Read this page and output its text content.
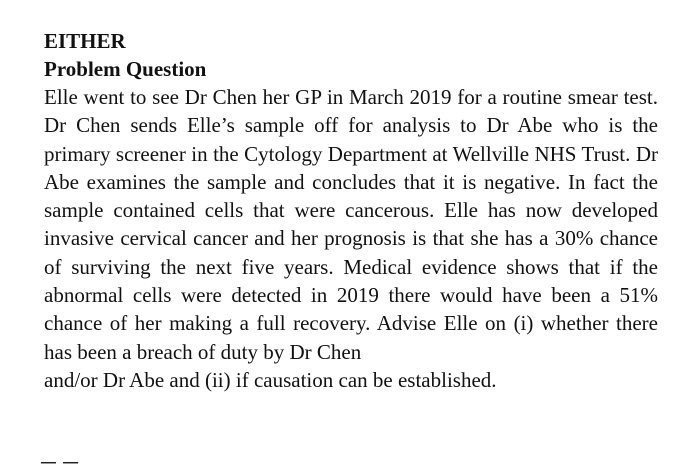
EITHER

Problem Question

Elle went to see Dr Chen her GP in March 2019 for a routine smear test. Dr Chen sends Elle’s sample off for analysis to Dr Abe who is the primary screener in the Cytology Department at Wellville NHS Trust. Dr Abe examines the sample and concludes that it is negative. In fact the sample contained cells that were cancerous. Elle has now developed invasive cervical cancer and her prognosis is that she has a 30% chance of surviving the next five years. Medical evidence shows that if the abnormal cells were detected in 2019 there would have been a 51% chance of her making a full recovery. Advise Elle on (i) whether there has been a breach of duty by Dr Chen
and/or Dr Abe and (ii) if causation can be established.

─ ─
